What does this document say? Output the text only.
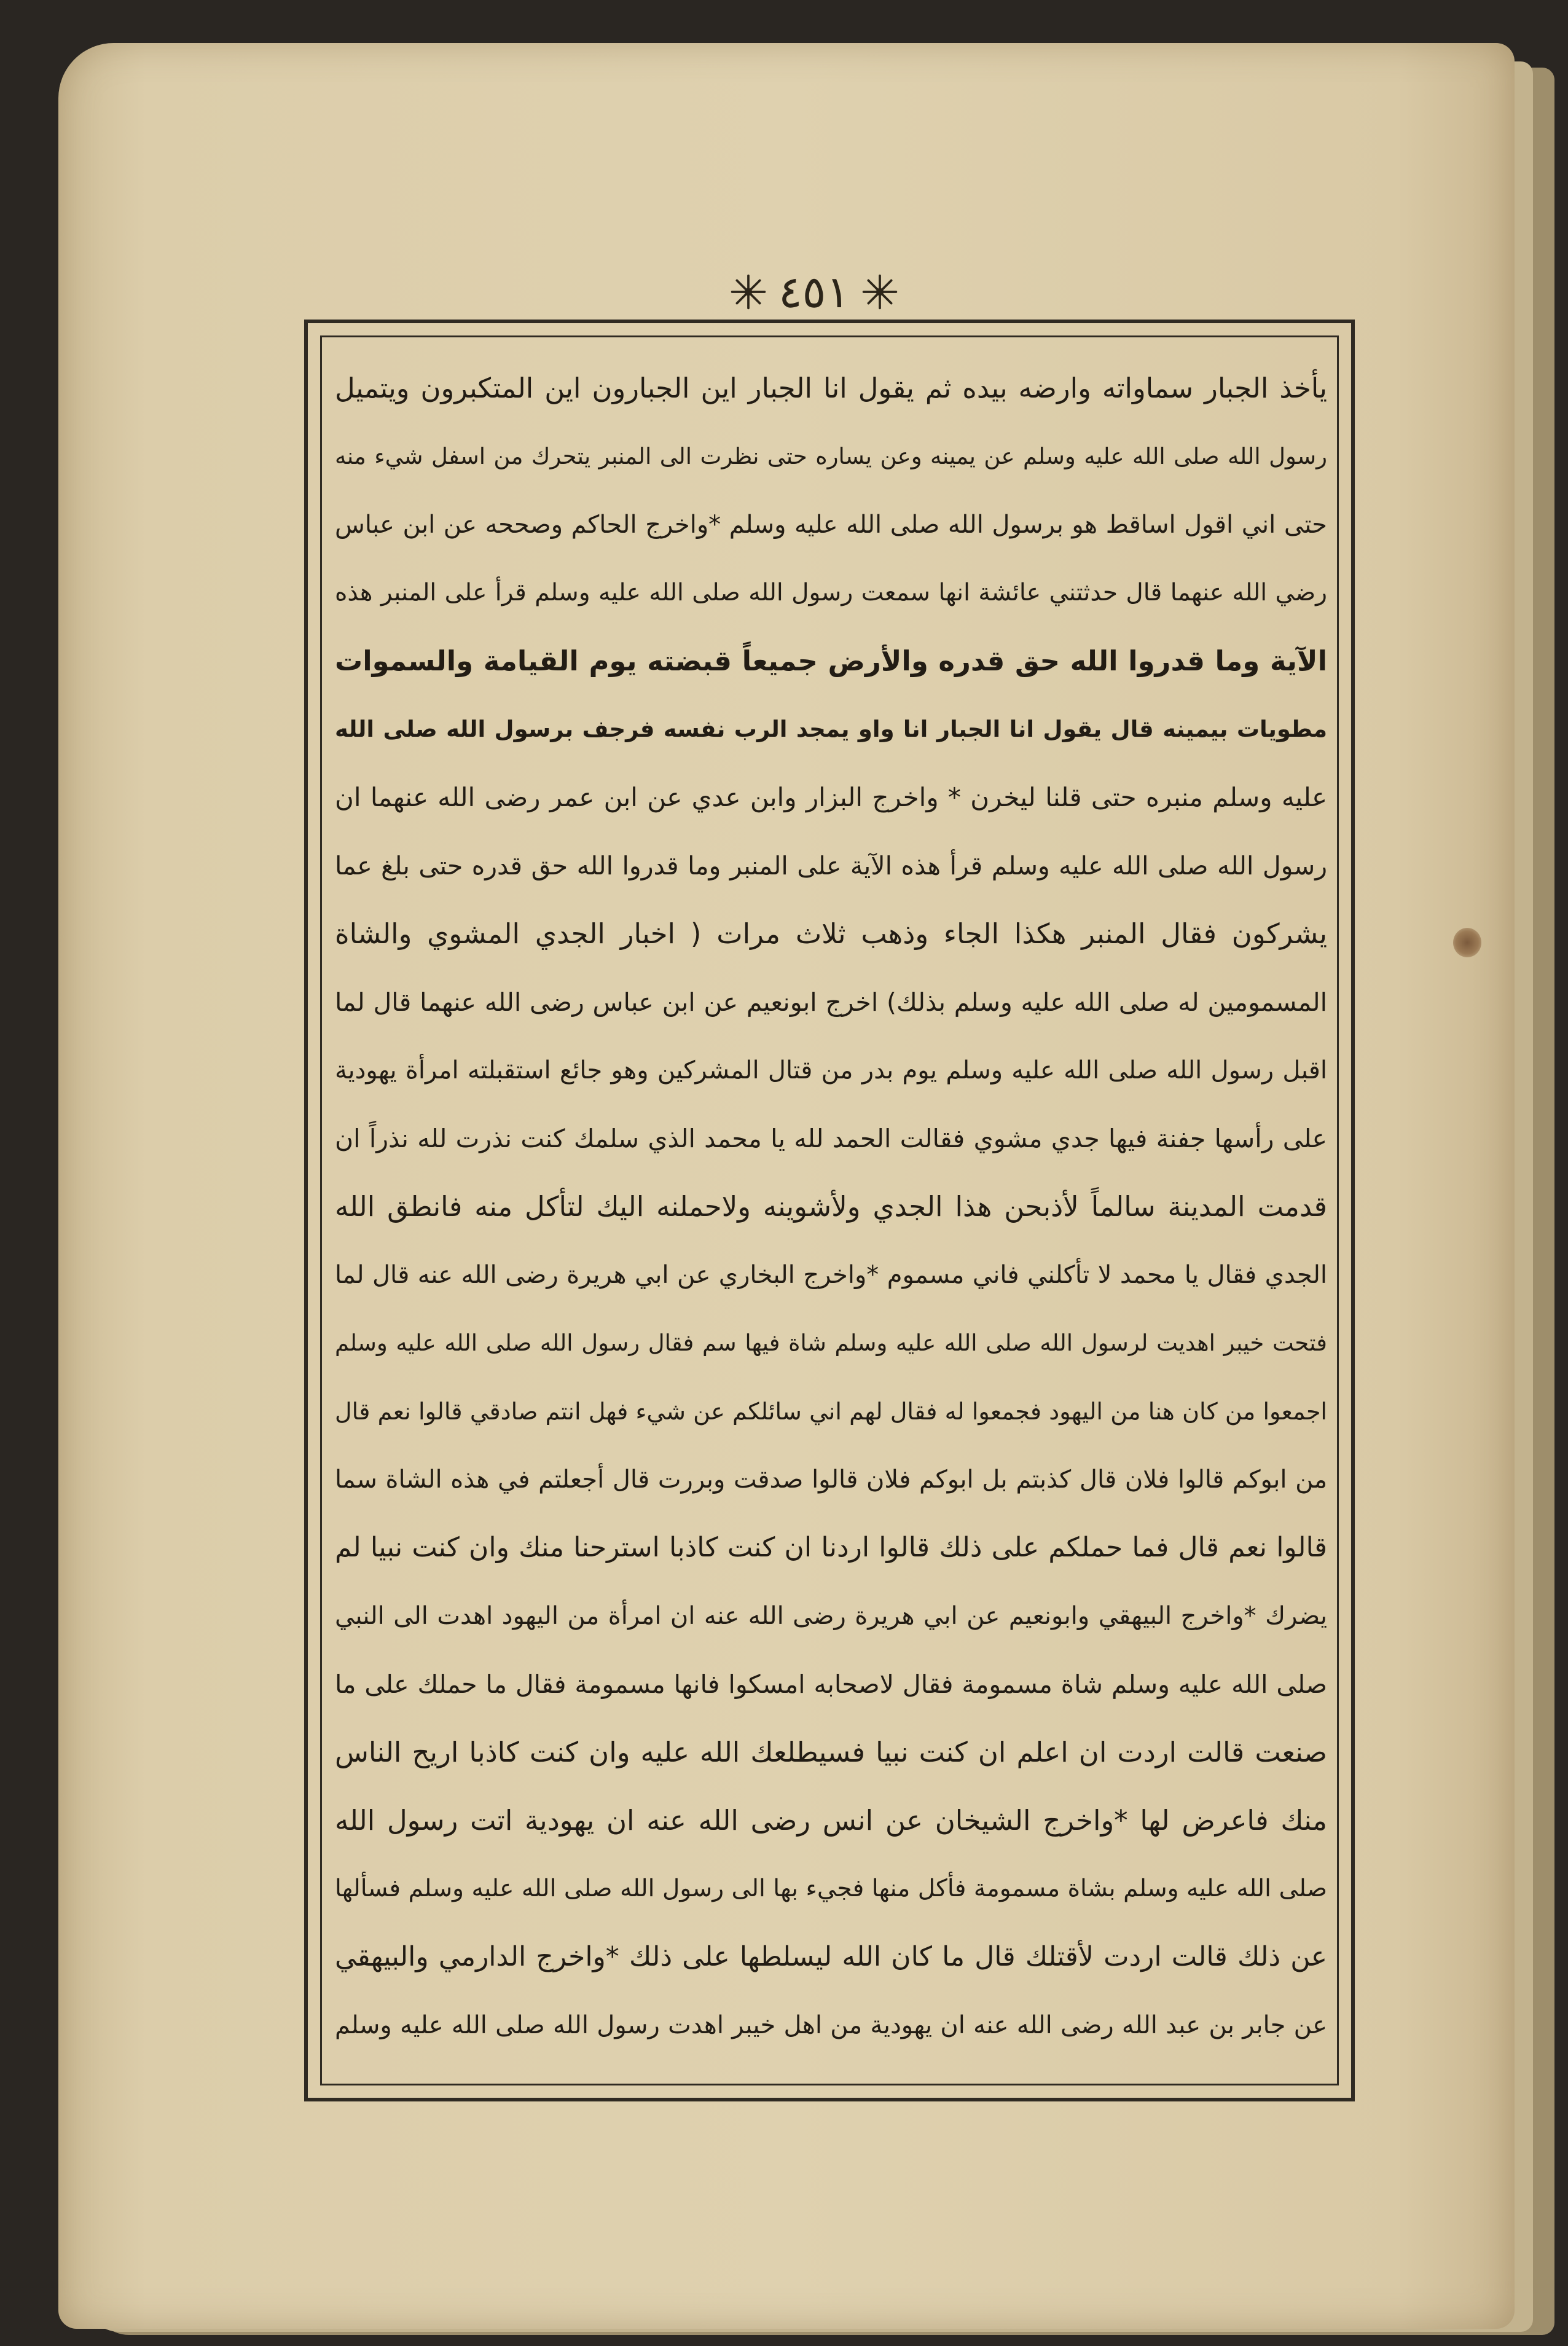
٤٥١
يأخذ الجبار سماواته وارضه بيده ثم يقول انا الجبار اين الجبارون اين المتكبرون ويتميل
رسول الله صلى الله عليه وسلم عن يمينه وعن يساره حتى نظرت الى المنبر يتحرك من اسفل شيء منه
حتى اني اقول اساقط هو برسول الله صلى الله عليه وسلم *واخرج الحاكم وصححه عن ابن عباس
رضي الله عنهما قال حدثتني عائشة انها سمعت رسول الله صلى الله عليه وسلم قرأ على المنبر هذه
الآية وما قدروا الله حق قدره والأرض جميعاً قبضته يوم القيامة والسموات
مطويات بيمينه قال يقول انا الجبار انا واو يمجد الرب نفسه فرجف برسول الله صلى الله
عليه وسلم منبره حتى قلنا ليخرن * واخرج البزار وابن عدي عن ابن عمر رضى الله عنهما ان
رسول الله صلى الله عليه وسلم قرأ هذه الآية على المنبر وما قدروا الله حق قدره حتى بلغ عما
يشركون فقال المنبر هكذا الجاء وذهب ثلاث مرات ( اخبار الجدي المشوي والشاة
المسمومين له صلى الله عليه وسلم بذلك) اخرج ابونعيم عن ابن عباس رضى الله عنهما قال لما
اقبل رسول الله صلى الله عليه وسلم يوم بدر من قتال المشركين وهو جائع استقبلته امرأة يهودية
على رأسها جفنة فيها جدي مشوي فقالت الحمد لله يا محمد الذي سلمك كنت نذرت لله نذراً ان
قدمت المدينة سالماً لأذبحن هذا الجدي ولأشوينه ولاحملنه اليك لتأكل منه فانطق الله
الجدي فقال يا محمد لا تأكلني فاني مسموم *واخرج البخاري عن ابي هريرة رضى الله عنه قال لما
فتحت خيبر اهديت لرسول الله صلى الله عليه وسلم شاة فيها سم فقال رسول الله صلى الله عليه وسلم
اجمعوا من كان هنا من اليهود فجمعوا له فقال لهم اني سائلكم عن شيء فهل انتم صادقي قالوا نعم قال
من ابوكم قالوا فلان قال كذبتم بل ابوكم فلان قالوا صدقت وبررت قال أجعلتم في هذه الشاة سما
قالوا نعم قال فما حملكم على ذلك قالوا اردنا ان كنت كاذبا استرحنا منك وان كنت نبيا لم
يضرك *واخرج البيهقي وابونعيم عن ابي هريرة رضى الله عنه ان امرأة من اليهود اهدت الى النبي
صلى الله عليه وسلم شاة مسمومة فقال لاصحابه امسكوا فانها مسمومة فقال ما حملك على ما
صنعت قالت اردت ان اعلم ان كنت نبيا فسيطلعك الله عليه وان كنت كاذبا اريح الناس
منك فاعرض لها *واخرج الشيخان عن انس رضى الله عنه ان يهودية اتت رسول الله
صلى الله عليه وسلم بشاة مسمومة فأكل منها فجيء بها الى رسول الله صلى الله عليه وسلم فسألها
عن ذلك قالت اردت لأقتلك قال ما كان الله ليسلطها على ذلك *واخرج الدارمي والبيهقي
عن جابر بن عبد الله رضى الله عنه ان يهودية من اهل خيبر اهدت رسول الله صلى الله عليه وسلم
